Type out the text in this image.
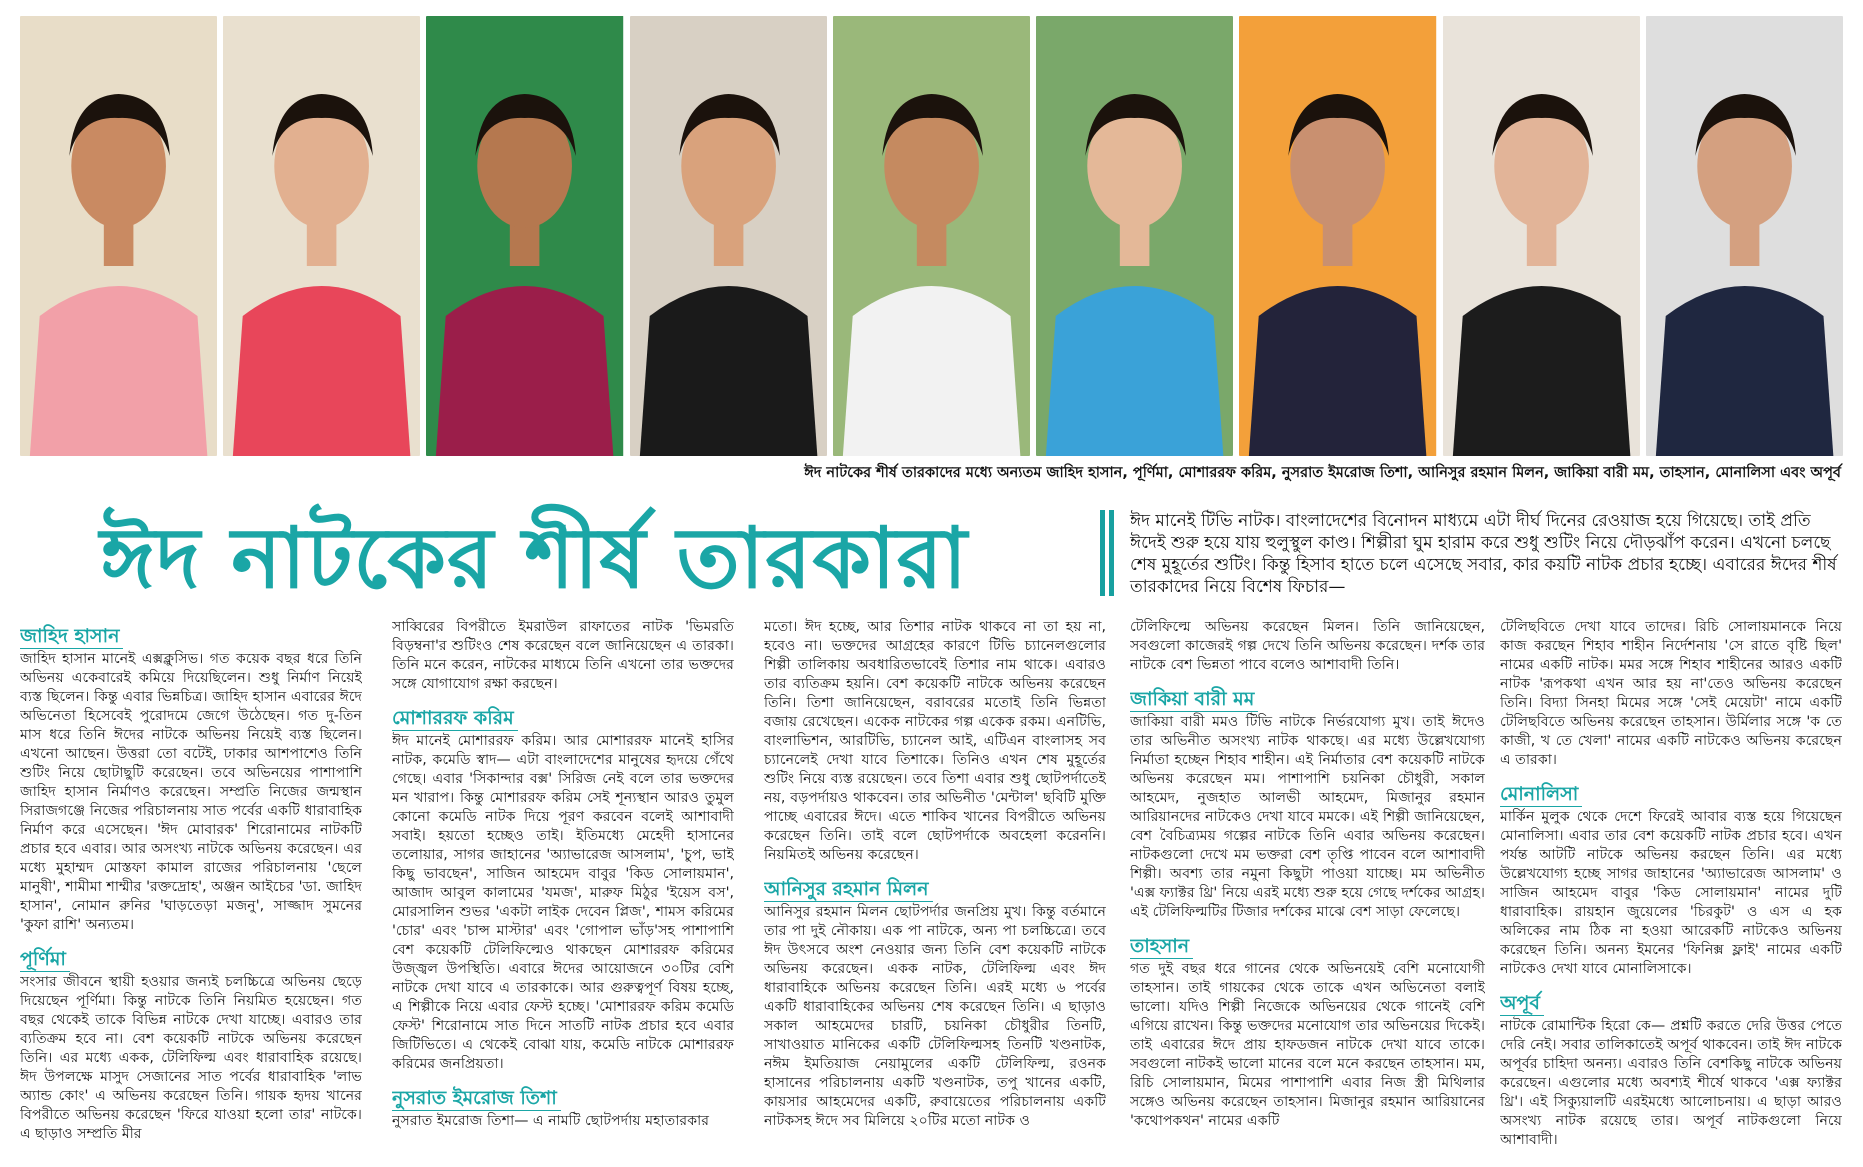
ঈদ নাটকের শীর্ষ তারকাদের মধ্যে অন্যতম জাহিদ হাসান, পূর্ণিমা, মোশাররফ করিম, নুসরাত ইমরোজ তিশা, আনিসুর রহমান মিলন, জাকিয়া বারী মম, তাহসান, মোনালিসা এবং অপূর্ব
ঈদ নাটকের শীর্ষ তারকারা	ঈদ মানেই টিভি নাটক। বাংলাদেশের বিনোদন মাধ্যমে এটা দীর্ঘ দিনের রেওয়াজ হয়ে গিয়েছে। তাই প্রতি ঈদেই শুরু হয়ে যায় হুলুস্থুল কাণ্ড। শিল্পীরা ঘুম হারাম করে শুধু শুটিং নিয়ে দৌড়ঝাঁপ করেন। এখনো চলছে শেষ মুহূর্তের শুটিং। কিন্তু হিসাব হাতে চলে এসেছে সবার, কার কয়টি নাটক প্রচার হচ্ছে। এবারের ঈদের শীর্ষ তারকাদের নিয়ে বিশেষ ফিচার—
জাহিদ হাসান

জাহিদ হাসান মানেই এক্সক্লুসিভ। গত কয়েক বছর ধরে তিনি অভিনয় একেবারেই কমিয়ে দিয়েছিলেন। শুধু নির্মাণ নিয়েই ব্যস্ত ছিলেন। কিন্তু এবার ভিন্নচিত্র। জাহিদ হাসান এবারের ঈদে অভিনেতা হিসেবেই পুরোদমে জেগে উঠেছেন। গত দু-তিন মাস ধরে তিনি ঈদের নাটকে অভিনয় নিয়েই ব্যস্ত ছিলেন। এখনো আছেন। উত্তরা তো বটেই, ঢাকার আশপাশেও তিনি শুটিং নিয়ে ছোটাছুটি করেছেন। তবে অভিনয়ের পাশাপাশি জাহিদ হাসান নির্মাণও করেছেন। সম্প্রতি নিজের জন্মস্থান সিরাজগঞ্জে নিজের পরিচালনায় সাত পর্বের একটি ধারাবাহিক নির্মাণ করে এসেছেন। 'ঈদ মোবারক' শিরোনামের নাটকটি প্রচার হবে এবার। আর অসংখ্য নাটকে অভিনয় করেছেন। এর মধ্যে মুহাম্মদ মোস্তফা কামাল রাজের পরিচালনায় 'ছেলে মানুষী', শামীমা শাম্মীর 'রক্তদ্রোহ', অঞ্জন আইচের 'ডা. জাহিদ হাসান', নোমান রুনির 'ঘাড়তেড়া মজনু', সাজ্জাদ সুমনের 'কুফা রাশি' অন্যতম।

পূর্ণিমা

সংসার জীবনে স্থায়ী হওয়ার জন্যই চলচ্চিত্রে অভিনয় ছেড়ে দিয়েছেন পূর্ণিমা। কিন্তু নাটকে তিনি নিয়মিত হয়েছেন। গত বছর থেকেই তাকে বিভিন্ন নাটকে দেখা যাচ্ছে। এবারও তার ব্যতিক্রম হবে না। বেশ কয়েকটি নাটকে অভিনয় করেছেন তিনি। এর মধ্যে একক, টেলিফিল্ম এবং ধারাবাহিক রয়েছে। ঈদ উপলক্ষে মাসুদ সেজানের সাত পর্বের ধারাবাহিক 'লাভ অ্যান্ড কোং' এ অভিনয় করেছেন তিনি। গায়ক হৃদয় খানের বিপরীতে অভিনয় করেছেন 'ফিরে যাওয়া হলো তার' নাটকে। এ ছাড়াও সম্প্রতি মীর

সাব্বিরের বিপরীতে ইমরাউল রাফাতের নাটক 'ভিমরতি বিড়ম্বনা'র শুটিংও শেষ করেছেন বলে জানিয়েছেন এ তারকা। তিনি মনে করেন, নাটকের মাধ্যমে তিনি এখনো তার ভক্তদের সঙ্গে যোগাযোগ রক্ষা করছেন।

মোশাররফ করিম

ঈদ মানেই মোশাররফ করিম। আর মোশাররফ মানেই হাসির নাটক, কমেডি স্বাদ— এটা বাংলাদেশের মানুষের হৃদয়ে গেঁথে গেছে। এবার 'সিকান্দার বক্স' সিরিজ নেই বলে তার ভক্তদের মন খারাপ। কিন্তু মোশাররফ করিম সেই শূন্যস্থান আরও তুমুল কোনো কমেডি নাটক দিয়ে পূরণ করবেন বলেই আশাবাদী সবাই। হয়তো হচ্ছেও তাই। ইতিমধ্যে মেহেদী হাসানের তলোয়ার, সাগর জাহানের 'অ্যাভারেজ আসলাম', 'চুপ, ভাই কিছু ভাবছেন', সাজিন আহমেদ বাবুর 'কিড সোলায়মান', আজাদ আবুল কালামের 'যমজ', মারুফ মিঠুর 'ইয়েস বস', মোরসালিন শুভর 'একটা লাইক দেবেন প্লিজ', শামস করিমের 'চোর' এবং 'চান্স মাস্টার' এবং 'গোপাল ভাঁড়'সহ পাশাপাশি বেশ কয়েকটি টেলিফিল্মেও থাকছেন মোশাররফ করিমের উজ্জ্বল উপস্থিতি। এবারে ঈদের আয়োজনে ৩০টির বেশি নাটকে দেখা যাবে এ তারকাকে। আর গুরুত্বপূর্ণ বিষয় হচ্ছে, এ শিল্পীকে নিয়ে এবার ফেস্ট হচ্ছে। 'মোশাররফ করিম কমেডি ফেস্ট' শিরোনামে সাত দিনে সাতটি নাটক প্রচার হবে এবার জিটিভিতে। এ থেকেই বোঝা যায়, কমেডি নাটকে মোশাররফ করিমের জনপ্রিয়তা।

নুসরাত ইমরোজ তিশা

নুসরাত ইমরোজ তিশা— এ নামটি ছোটপর্দায় মহাতারকার

মতো। ঈদ হচ্ছে, আর তিশার নাটক থাকবে না তা হয় না, হবেও না। ভক্তদের আগ্রহের কারণে টিভি চ্যানেলগুলোর শিল্পী তালিকায় অবধারিতভাবেই তিশার নাম থাকে। এবারও তার ব্যতিক্রম হয়নি। বেশ কয়েকটি নাটকে অভিনয় করেছেন তিনি। তিশা জানিয়েছেন, বরাবরের মতোই তিনি ভিন্নতা বজায় রেখেছেন। একেক নাটকের গল্প একেক রকম। এনটিভি, বাংলাভিশন, আরটিভি, চ্যানেল আই, এটিএন বাংলাসহ সব চ্যানেলেই দেখা যাবে তিশাকে। তিনিও এখন শেষ মুহূর্তের শুটিং নিয়ে ব্যস্ত রয়েছেন। তবে তিশা এবার শুধু ছোটপর্দাতেই নয়, বড়পর্দায়ও থাকবেন। তার অভিনীত 'মেন্টাল' ছবিটি মুক্তি পাচ্ছে এবারের ঈদে। এতে শাকিব খানের বিপরীতে অভিনয় করেছেন তিনি। তাই বলে ছোটপর্দাকে অবহেলা করেননি। নিয়মিতই অভিনয় করেছেন।

আনিসুর রহমান মিলন

আনিসুর রহমান মিলন ছোটপর্দার জনপ্রিয় মুখ। কিন্তু বর্তমানে তার পা দুই নৌকায়। এক পা নাটকে, অন্য পা চলচ্চিত্রে। তবে ঈদ উৎসবে অংশ নেওয়ার জন্য তিনি বেশ কয়েকটি নাটকে অভিনয় করেছেন। একক নাটক, টেলিফিল্ম এবং ঈদ ধারাবাহিকে অভিনয় করেছেন তিনি। এরই মধ্যে ৬ পর্বের একটি ধারাবাহিকের অভিনয় শেষ করেছেন তিনি। এ ছাড়াও সকাল আহমেদের চারটি, চয়নিকা চৌধুরীর তিনটি, সাখাওয়াত মানিকের একটি টেলিফিল্মসহ তিনটি খণ্ডনাটক, নঈম ইমতিয়াজ নেয়ামুলের একটি টেলিফিল্ম, রওনক হাসানের পরিচালনায় একটি খণ্ডনাটক, তপু খানের একটি, কায়সার আহমেদের একটি, রুবায়েতের পরিচালনায় একটি নাটকসহ ঈদে সব মিলিয়ে ২০টির মতো নাটক ও

টেলিফিল্মে অভিনয় করেছেন মিলন। তিনি জানিয়েছেন, সবগুলো কাজেরই গল্প দেখে তিনি অভিনয় করেছেন। দর্শক তার নাটকে বেশ ভিন্নতা পাবে বলেও আশাবাদী তিনি।

জাকিয়া বারী মম

জাকিয়া বারী মমও টিভি নাটকে নির্ভরযোগ্য মুখ। তাই ঈদেও তার অভিনীত অসংখ্য নাটক থাকছে। এর মধ্যে উল্লেখযোগ্য নির্মাতা হচ্ছেন শিহাব শাহীন। এই নির্মাতার বেশ কয়েকটি নাটকে অভিনয় করেছেন মম। পাশাপাশি চয়নিকা চৌধুরী, সকাল আহমেদ, নুজহাত আলভী আহমেদ, মিজানুর রহমান আরিয়ানদের নাটকেও দেখা যাবে মমকে। এই শিল্পী জানিয়েছেন, বেশ বৈচিত্র্যময় গল্পের নাটকে তিনি এবার অভিনয় করেছেন। নাটকগুলো দেখে মম ভক্তরা বেশ তৃপ্তি পাবেন বলে আশাবাদী শিল্পী। অবশ্য তার নমুনা কিছুটা পাওয়া যাচ্ছে। মম অভিনীত 'এক্স ফ্যাক্টর থ্রি' নিয়ে এরই মধ্যে শুরু হয়ে গেছে দর্শকের আগ্রহ। এই টেলিফিল্মটির টিজার দর্শকের মাঝে বেশ সাড়া ফেলেছে।

তাহসান

গত দুই বছর ধরে গানের থেকে অভিনয়েই বেশি মনোযোগী তাহসান। তাই গায়কের থেকে তাকে এখন অভিনেতা বলাই ভালো। যদিও শিল্পী নিজেকে অভিনয়ের থেকে গানেই বেশি এগিয়ে রাখেন। কিন্তু ভক্তদের মনোযোগ তার অভিনয়ের দিকেই। তাই এবারের ঈদে প্রায় হাফডজন নাটকে দেখা যাবে তাকে। সবগুলো নাটকই ভালো মানের বলে মনে করছেন তাহসান। মম, রিচি সোলায়মান, মিমের পাশাপাশি এবার নিজ স্ত্রী মিথিলার সঙ্গেও অভিনয় করেছেন তাহসান। মিজানুর রহমান আরিয়ানের 'কথোপকথন' নামের একটি

টেলিছবিতে দেখা যাবে তাদের। রিচি সোলায়মানকে নিয়ে কাজ করছেন শিহাব শাহীন নির্দেশনায় 'সে রাতে বৃষ্টি ছিল' নামের একটি নাটক। মমর সঙ্গে শিহাব শাহীনের আরও একটি নাটক 'রূপকথা এখন আর হয় না'তেও অভিনয় করেছেন তিনি। বিদ্যা সিনহা মিমের সঙ্গে 'সেই মেয়েটা' নামে একটি টেলিছবিতে অভিনয় করেছেন তাহসান। উর্মিলার সঙ্গে 'ক তে কাজী, খ তে খেলা' নামের একটি নাটকেও অভিনয় করেছেন এ তারকা।

মোনালিসা

মার্কিন মুলুক থেকে দেশে ফিরেই আবার ব্যস্ত হয়ে গিয়েছেন মোনালিসা। এবার তার বেশ কয়েকটি নাটক প্রচার হবে। এখন পর্যন্ত আটটি নাটকে অভিনয় করছেন তিনি। এর মধ্যে উল্লেখযোগ্য হচ্ছে সাগর জাহানের 'অ্যাভারেজ আসলাম' ও সাজিন আহমেদ বাবুর 'কিড সোলায়মান' নামের দুটি ধারাবাহিক। রায়হান জুয়েলের 'চিরকুট' ও এস এ হক অলিকের নাম ঠিক না হওয়া আরেকটি নাটকেও অভিনয় করেছেন তিনি। অনন্য ইমনের 'ফিনিক্স ফ্লাই' নামের একটি নাটকেও দেখা যাবে মোনালিসাকে।

অপূর্ব

নাটকে রোমান্টিক হিরো কে— প্রশ্নটি করতে দেরি উত্তর পেতে দেরি নেই। সবার তালিকাতেই অপূর্ব থাকবেন। তাই ঈদ নাটকে অপূর্বর চাহিদা অনন্য। এবারও তিনি বেশকিছু নাটকে অভিনয় করেছেন। এগুলোর মধ্যে অবশ্যই শীর্ষে থাকবে 'এক্স ফ্যাক্টর থ্রি'। এই সিক্যুয়ালটি এরইমধ্যে আলোচনায়। এ ছাড়া আরও অসংখ্য নাটক রয়েছে তার। অপূর্ব নাটকগুলো নিয়ে আশাবাদী।
